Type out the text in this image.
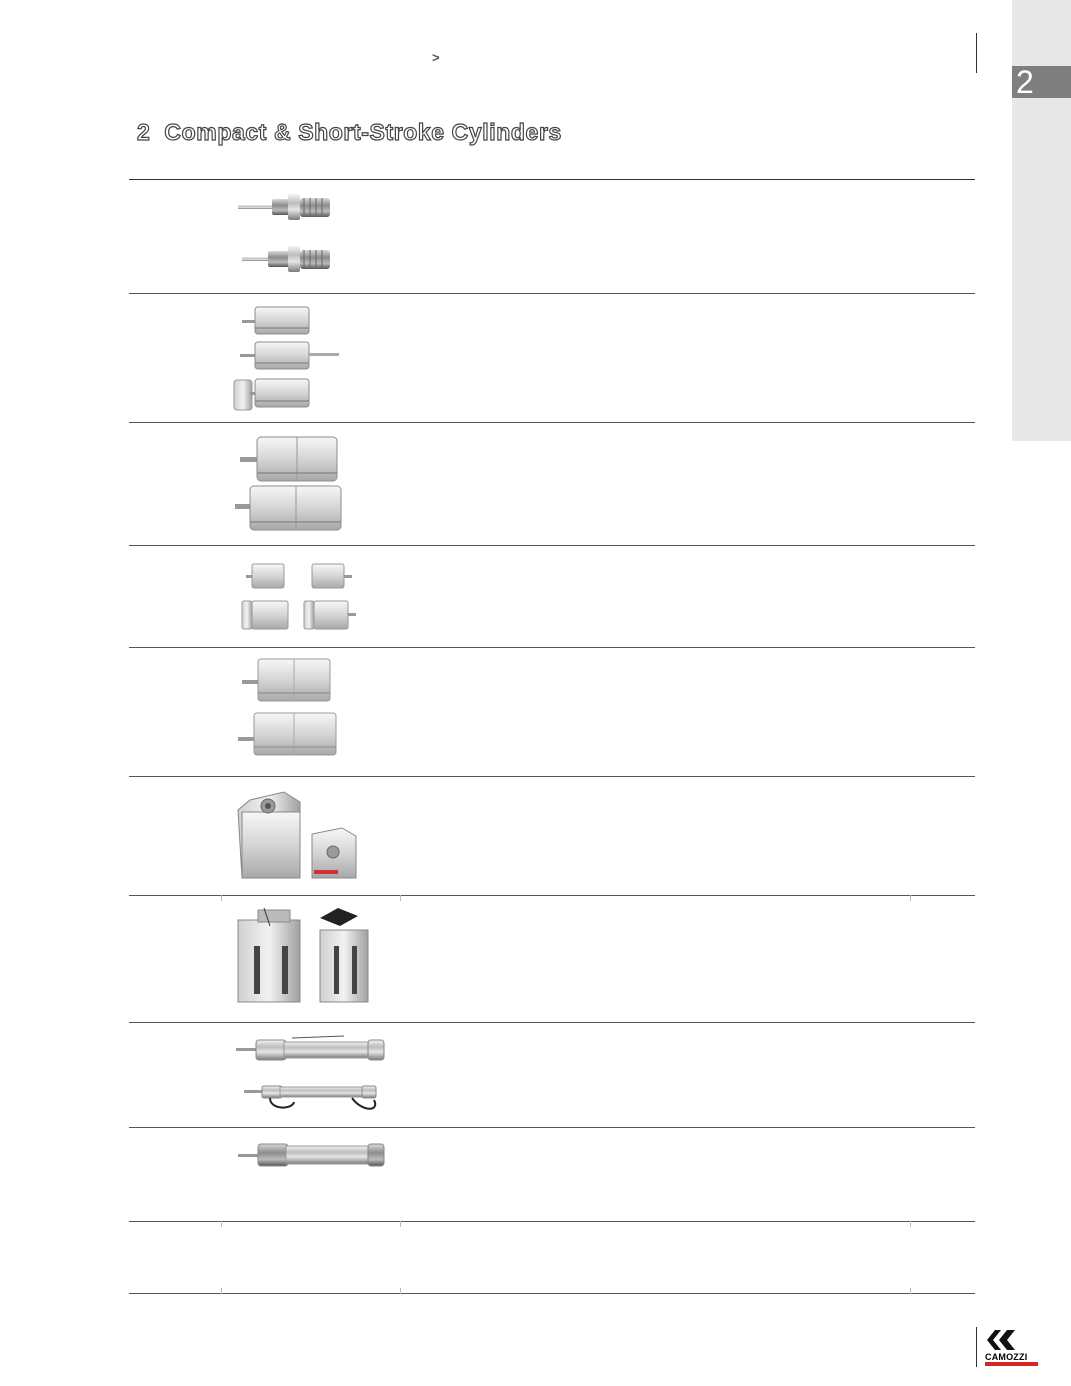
>
2
2 Compact & Short-Stroke Cylinders
CAMOZZI
